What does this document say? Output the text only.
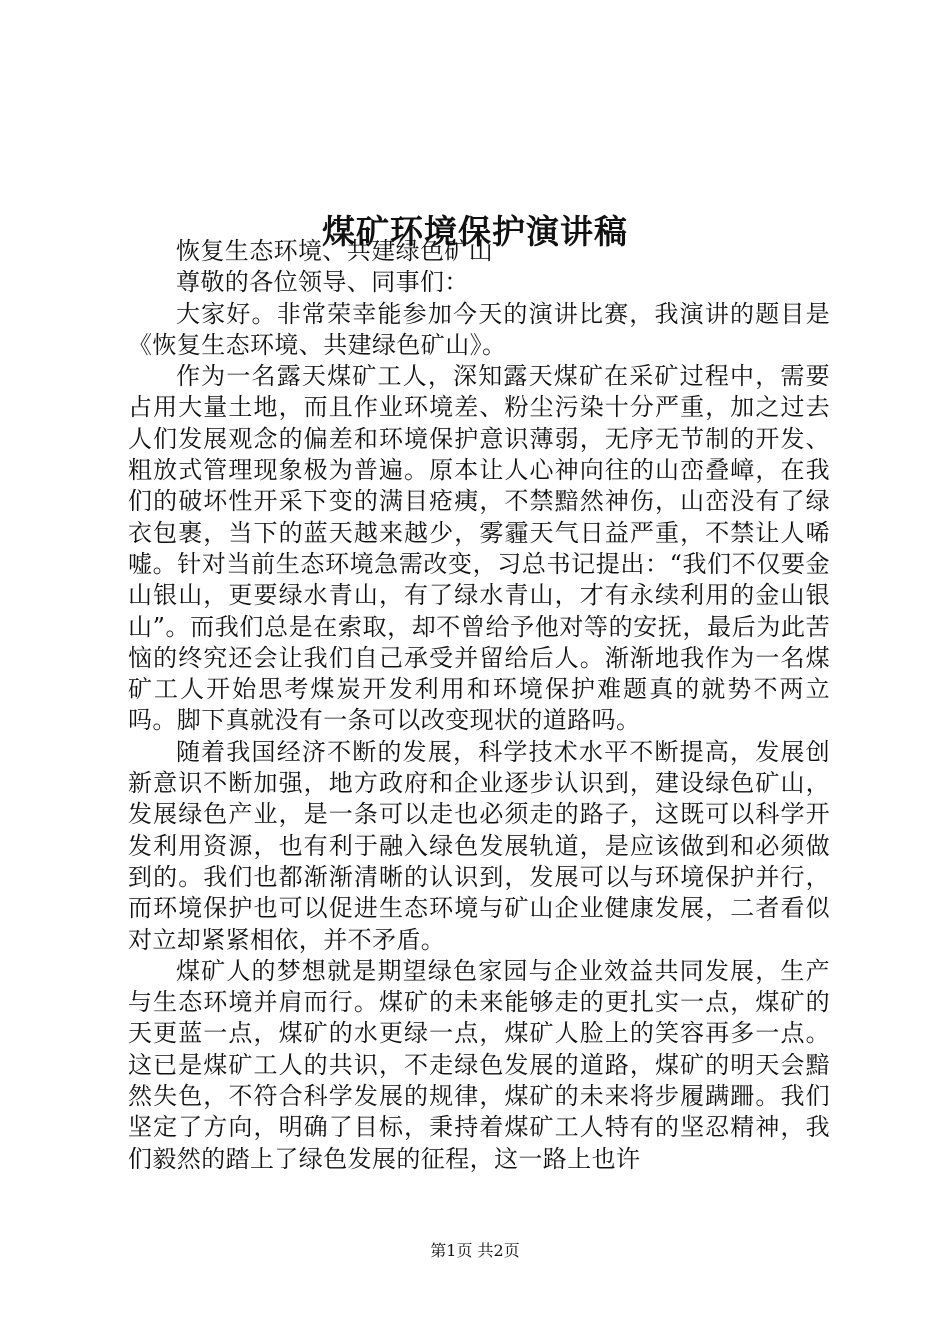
煤矿环境保护演讲稿

恢复生态环境、共建绿色矿山

尊敬的各位领导、同事们：

大家好。非常荣幸能参加今天的演讲比赛，我演讲的题目是《恢复生态环境、共建绿色矿山》。

作为一名露天煤矿工人，深知露天煤矿在采矿过程中，需要占用大量土地，而且作业环境差、粉尘污染十分严重，加之过去人们发展观念的偏差和环境保护意识薄弱，无序无节制的开发、粗放式管理现象极为普遍。原本让人心神向往的山峦叠嶂，在我们的破坏性开采下变的满目疮痍，不禁黯然神伤，山峦没有了绿衣包裹，当下的蓝天越来越少，雾霾天气日益严重，不禁让人唏嘘。针对当前生态环境急需改变，习总书记提出：“我们不仅要金山银山，更要绿水青山，有了绿水青山，才有永续利用的金山银山”。而我们总是在索取，却不曾给予他对等的安抚，最后为此苦恼的终究还会让我们自己承受并留给后人。渐渐地我作为一名煤矿工人开始思考煤炭开发利用和环境保护难题真的就势不两立吗。脚下真就没有一条可以改变现状的道路吗。

随着我国经济不断的发展，科学技术水平不断提高，发展创新意识不断加强，地方政府和企业逐步认识到，建设绿色矿山，发展绿色产业，是一条可以走也必须走的路子，这既可以科学开发利用资源，也有利于融入绿色发展轨道，是应该做到和必须做到的。我们也都渐渐清晰的认识到，发展可以与环境保护并行，而环境保护也可以促进生态环境与矿山企业健康发展，二者看似对立却紧紧相依，并不矛盾。

煤矿人的梦想就是期望绿色家园与企业效益共同发展，生产与生态环境并肩而行。煤矿的未来能够走的更扎实一点，煤矿的天更蓝一点，煤矿的水更绿一点，煤矿人脸上的笑容再多一点。这已是煤矿工人的共识，不走绿色发展的道路，煤矿的明天会黯然失色，不符合科学发展的规律，煤矿的未来将步履蹒跚。我们坚定了方向，明确了目标，秉持着煤矿工人特有的坚忍精神，我们毅然的踏上了绿色发展的征程，这一路上也许

第1页 共2页
